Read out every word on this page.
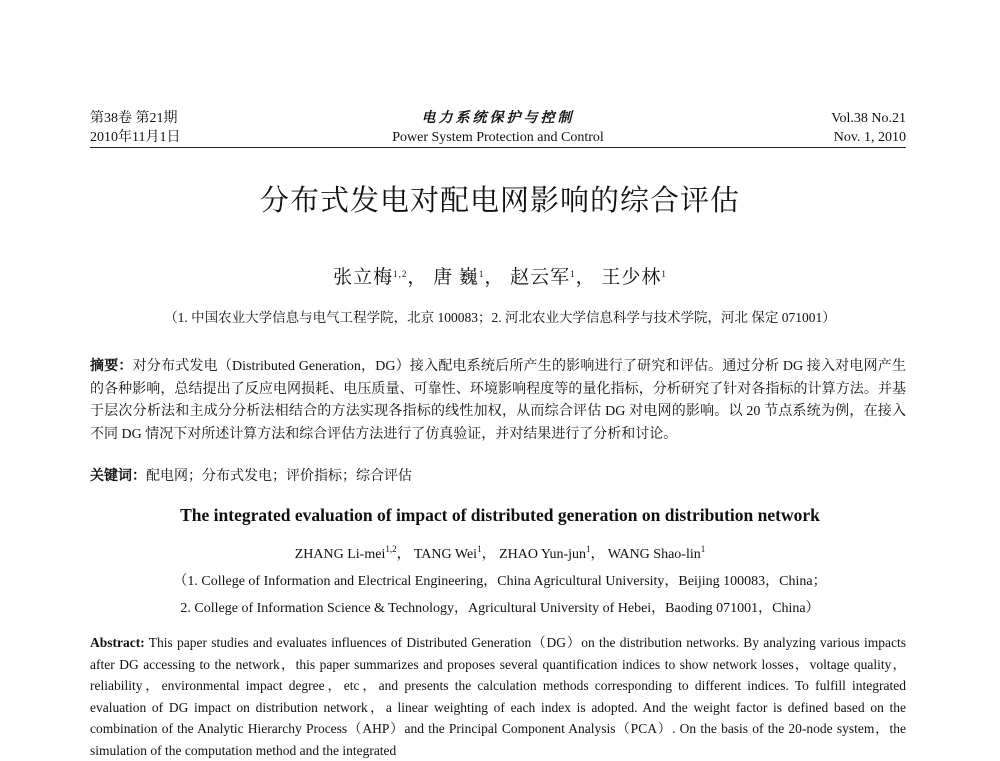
第38卷 第21期
2010年11月1日
电力系统保护与控制
Power System Protection and Control
Vol.38 No.21
Nov. 1, 2010
分布式发电对配电网影响的综合评估
张立梅$^{1,2}$， 唐 巍$^1$， 赵云军$^1$， 王少林$^1$
（1. 中国农业大学信息与电气工程学院，北京 100083；2. 河北农业大学信息科学与技术学院，河北 保定 071001）
摘要：对分布式发电（Distributed Generation，DG）接入配电系统后所产生的影响进行了研究和评估。通过分析 DG 接入对电网产生的各种影响，总结提出了反应电网损耗、电压质量、可靠性、环境影响程度等的量化指标，分析研究了针对各指标的计算方法。并基于层次分析法和主成分分析法相结合的方法实现各指标的线性加权，从而综合评估 DG 对电网的影响。以 20 节点系统为例，在接入不同 DG 情况下对所述计算方法和综合评估方法进行了仿真验证，并对结果进行了分析和讨论。
关键词：配电网；分布式发电；评价指标；综合评估
The integrated evaluation of impact of distributed generation on distribution network
ZHANG Li-mei$^{1,2}$， TANG Wei$^1$， ZHAO Yun-jun$^1$， WANG Shao-lin$^1$
（1. College of Information and Electrical Engineering，China Agricultural University，Beijing 100083，China；
2. College of Information Science & Technology，Agricultural University of Hebei，Baoding 071001，China）
Abstract: This paper studies and evaluates influences of Distributed Generation（DG）on the distribution networks. By analyzing various impacts after DG accessing to the network，this paper summarizes and proposes several quantification indices to show network losses，voltage quality，reliability，environmental impact degree，etc，and presents the calculation methods corresponding to different indices. To fulfill integrated evaluation of DG impact on distribution network，a linear weighting of each index is adopted. And the weight factor is defined based on the combination of the Analytic Hierarchy Process（AHP）and the Principal Component Analysis（PCA）. On the basis of the 20-node system，the simulation of the computation method and the integrated
